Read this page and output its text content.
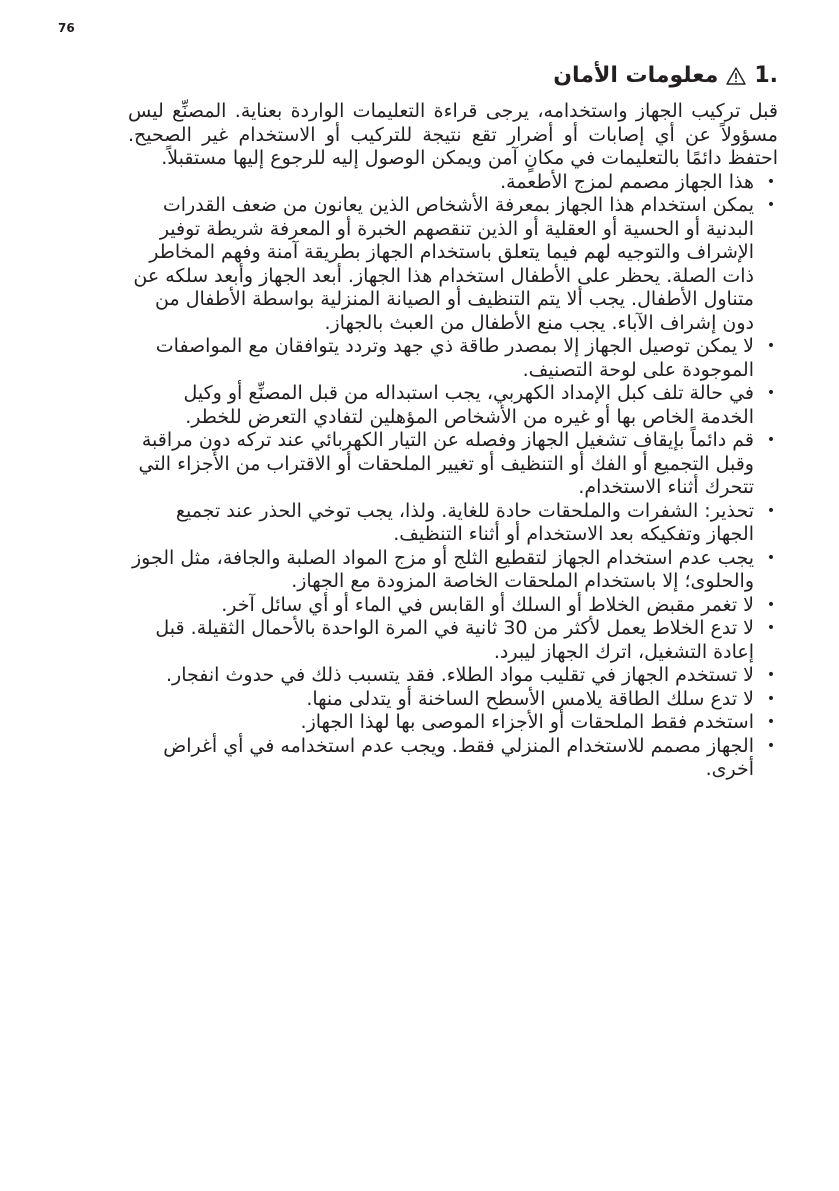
76
1.
معلومات الأمان

قبل تركيب الجهاز واستخدامه، يرجى قراءة التعليمات الواردة بعناية. المصنِّع ليس مسؤولاً عن أي إصابات أو أضرار تقع نتيجة للتركيب أو الاستخدام غير الصحيح. احتفظ دائمًا بالتعليمات في مكانٍ آمن ويمكن الوصول إليه للرجوع إليها مستقبلاً.

•
هذا الجهاز مصمم لمزج الأطعمة.
•
يمكن استخدام هذا الجهاز بمعرفة الأشخاص الذين يعانون من ضعف القدرات البدنية أو الحسية أو العقلية أو الذين تنقصهم الخبرة أو المعرفة شريطة توفير الإشراف والتوجيه لهم فيما يتعلق باستخدام الجهاز بطريقة آمنة وفهم المخاطر ذات الصلة. يحظر على الأطفال استخدام هذا الجهاز. أبعد الجهاز وأبعد سلكه عن متناول الأطفال. يجب ألا يتم التنظيف أو الصيانة المنزلية بواسطة الأطفال من دون إشراف الآباء. يجب منع الأطفال من العبث بالجهاز.
•
لا يمكن توصيل الجهاز إلا بمصدر طاقة ذي جهد وتردد يتوافقان مع المواصفات الموجودة على لوحة التصنيف.
•
في حالة تلف كبل الإمداد الكهربي، يجب استبداله من قبل المصنِّع أو وكيل الخدمة الخاص بها أو غيره من الأشخاص المؤهلين لتفادي التعرض للخطر.
•
قم دائماً بإيقاف تشغيل الجهاز وفصله عن التيار الكهربائي عند تركه دون مراقبة وقبل التجميع أو الفك أو التنظيف أو تغيير الملحقات أو الاقتراب من الأجزاء التي تتحرك أثناء الاستخدام.
•
تحذير: الشفرات والملحقات حادة للغاية. ولذا، يجب توخي الحذر عند تجميع الجهاز وتفكيكه بعد الاستخدام أو أثناء التنظيف.
•
يجب عدم استخدام الجهاز لتقطيع الثلج أو مزج المواد الصلبة والجافة، مثل الجوز والحلوى؛ إلا باستخدام الملحقات الخاصة المزودة مع الجهاز.
•
لا تغمر مقبض الخلاط أو السلك أو القابس في الماء أو أي سائل آخر.
•
لا تدع الخلاط يعمل لأكثر من 30 ثانية في المرة الواحدة بالأحمال الثقيلة. قبل إعادة التشغيل، اترك الجهاز ليبرد.
•
لا تستخدم الجهاز في تقليب مواد الطلاء. فقد يتسبب ذلك في حدوث انفجار.
•
لا تدع سلك الطاقة يلامس الأسطح الساخنة أو يتدلى منها.
•
استخدم فقط الملحقات أو الأجزاء الموصى بها لهذا الجهاز.
•
الجهاز مصمم للاستخدام المنزلي فقط. ويجب عدم استخدامه في أي أغراض أخرى.
